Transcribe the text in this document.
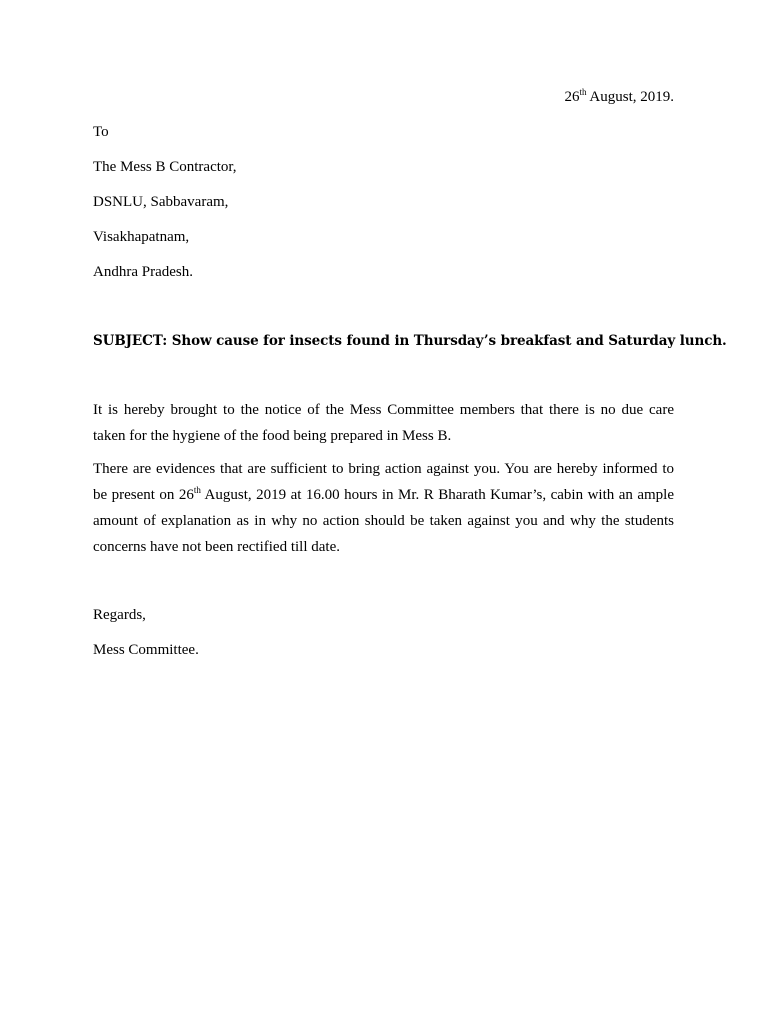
26th August, 2019.
To
The Mess B Contractor,
DSNLU, Sabbavaram,
Visakhapatnam,
Andhra Pradesh.
SUBJECT: Show cause for insects found in Thursday’s breakfast and Saturday lunch.

It is hereby brought to the notice of the Mess Committee members that there is no due care taken for the hygiene of the food being prepared in Mess B.

There are evidences that are sufficient to bring action against you. You are hereby informed to be present on 26th August, 2019 at 16.00 hours in Mr. R Bharath Kumar’s, cabin with an ample amount of explanation as in why no action should be taken against you and why the students concerns have not been rectified till date.

Regards,
Mess Committee.
